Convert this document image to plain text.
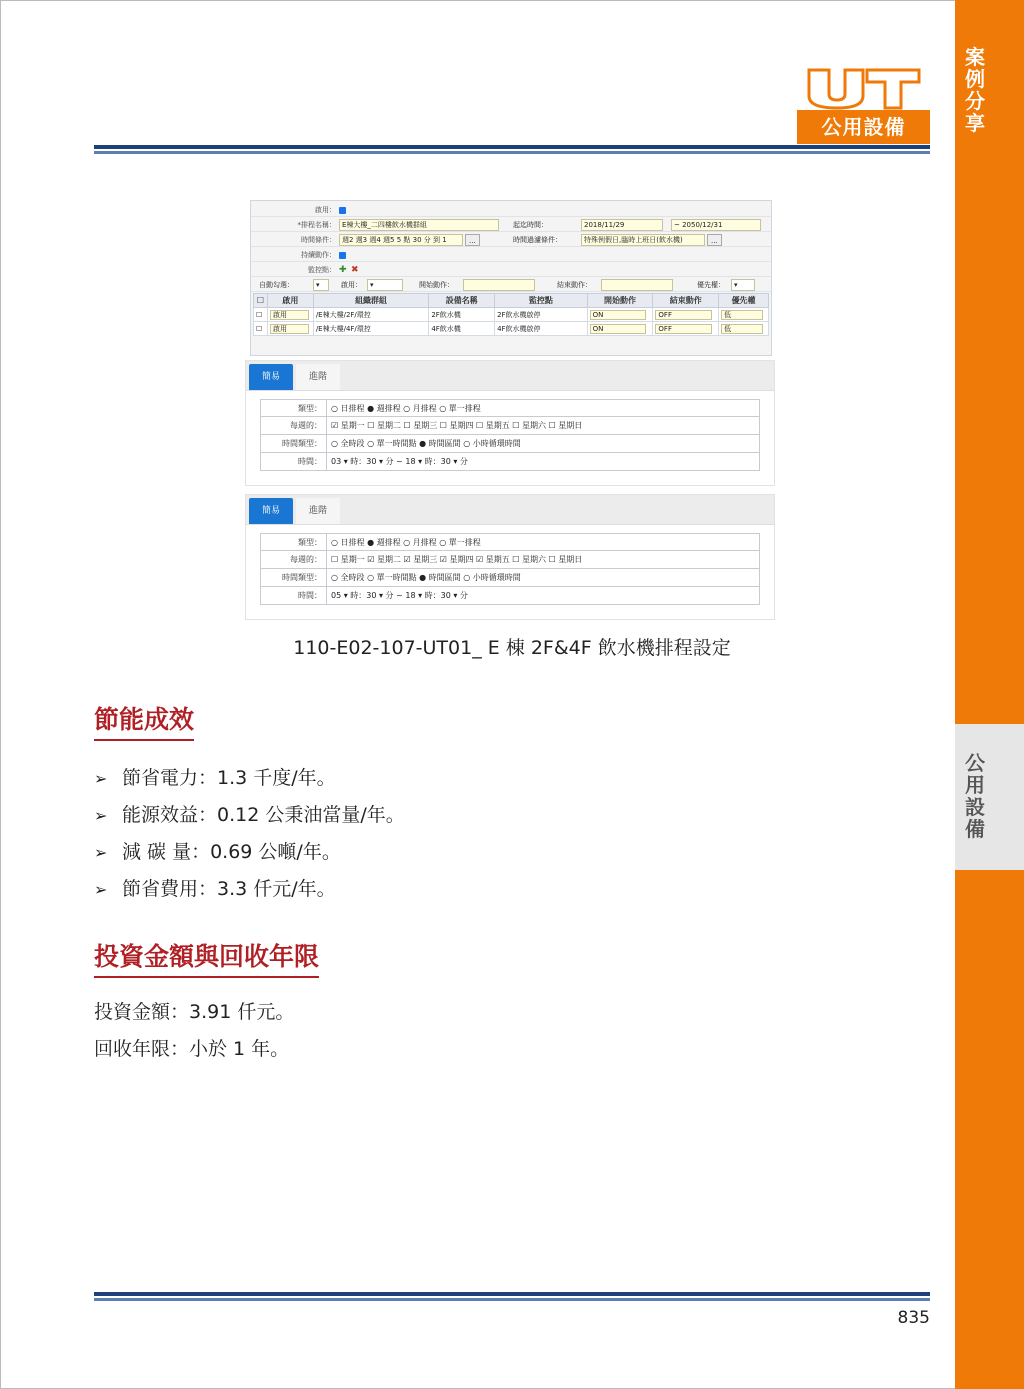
案
例
分
享
公
用
設
備
公用設備
啟用：
*排程名稱： E棟大樓_二四樓飲水機群組	起迄時間：	2018/11/29	~ 2050/12/31
時間條件： 週2 週3 週4 週5 5 點 30 分 到 1	...	時間過濾條件：	特殊例假日,臨時上班日(飲水機)	...
持續動作：
監控點： ✚ ✖
自動勾選：	▾	啟用：	▾	開始動作：	結束動作：	優先權：	▾
☐	啟用	組織群組	設備名稱	監控點	開始動作	結束動作	優先權
☐	啟用	/E棟大樓/2F/環控	2F飲水機	2F飲水機啟停	ON	OFF	低
☐	啟用	/E棟大樓/4F/環控	4F飲水機	4F飲水機啟停	ON	OFF	低
簡易	進階
類型：	○ 日排程 ● 週排程 ○ 月排程 ○ 單一排程
每週的：	☑ 星期一 ☐ 星期二 ☐ 星期三 ☐ 星期四 ☐ 星期五 ☐ 星期六 ☐ 星期日
時間類型：	○ 全時段 ○ 單一時間點 ● 時間區間 ○ 小時循環時間
時間：	03 ▾ 時：30 ▾ 分 ~ 18 ▾ 時：30 ▾ 分
簡易	進階
類型：	○ 日排程 ● 週排程 ○ 月排程 ○ 單一排程
每週的：	☐ 星期一 ☑ 星期二 ☑ 星期三 ☑ 星期四 ☑ 星期五 ☐ 星期六 ☐ 星期日
時間類型：	○ 全時段 ○ 單一時間點 ● 時間區間 ○ 小時循環時間
時間：	05 ▾ 時：30 ▾ 分 ~ 18 ▾ 時：30 ▾ 分
110-E02-107-UT01_ E 棟 2F&4F 飲水機排程設定
節能成效
➢ 節省電力：1.3 千度/年。
➢ 能源效益：0.12 公秉油當量/年。
➢ 減 碳 量：0.69 公噸/年。
➢ 節省費用：3.3 仟元/年。
投資金額與回收年限
投資金額：3.91 仟元。
回收年限：小於 1 年。
835
